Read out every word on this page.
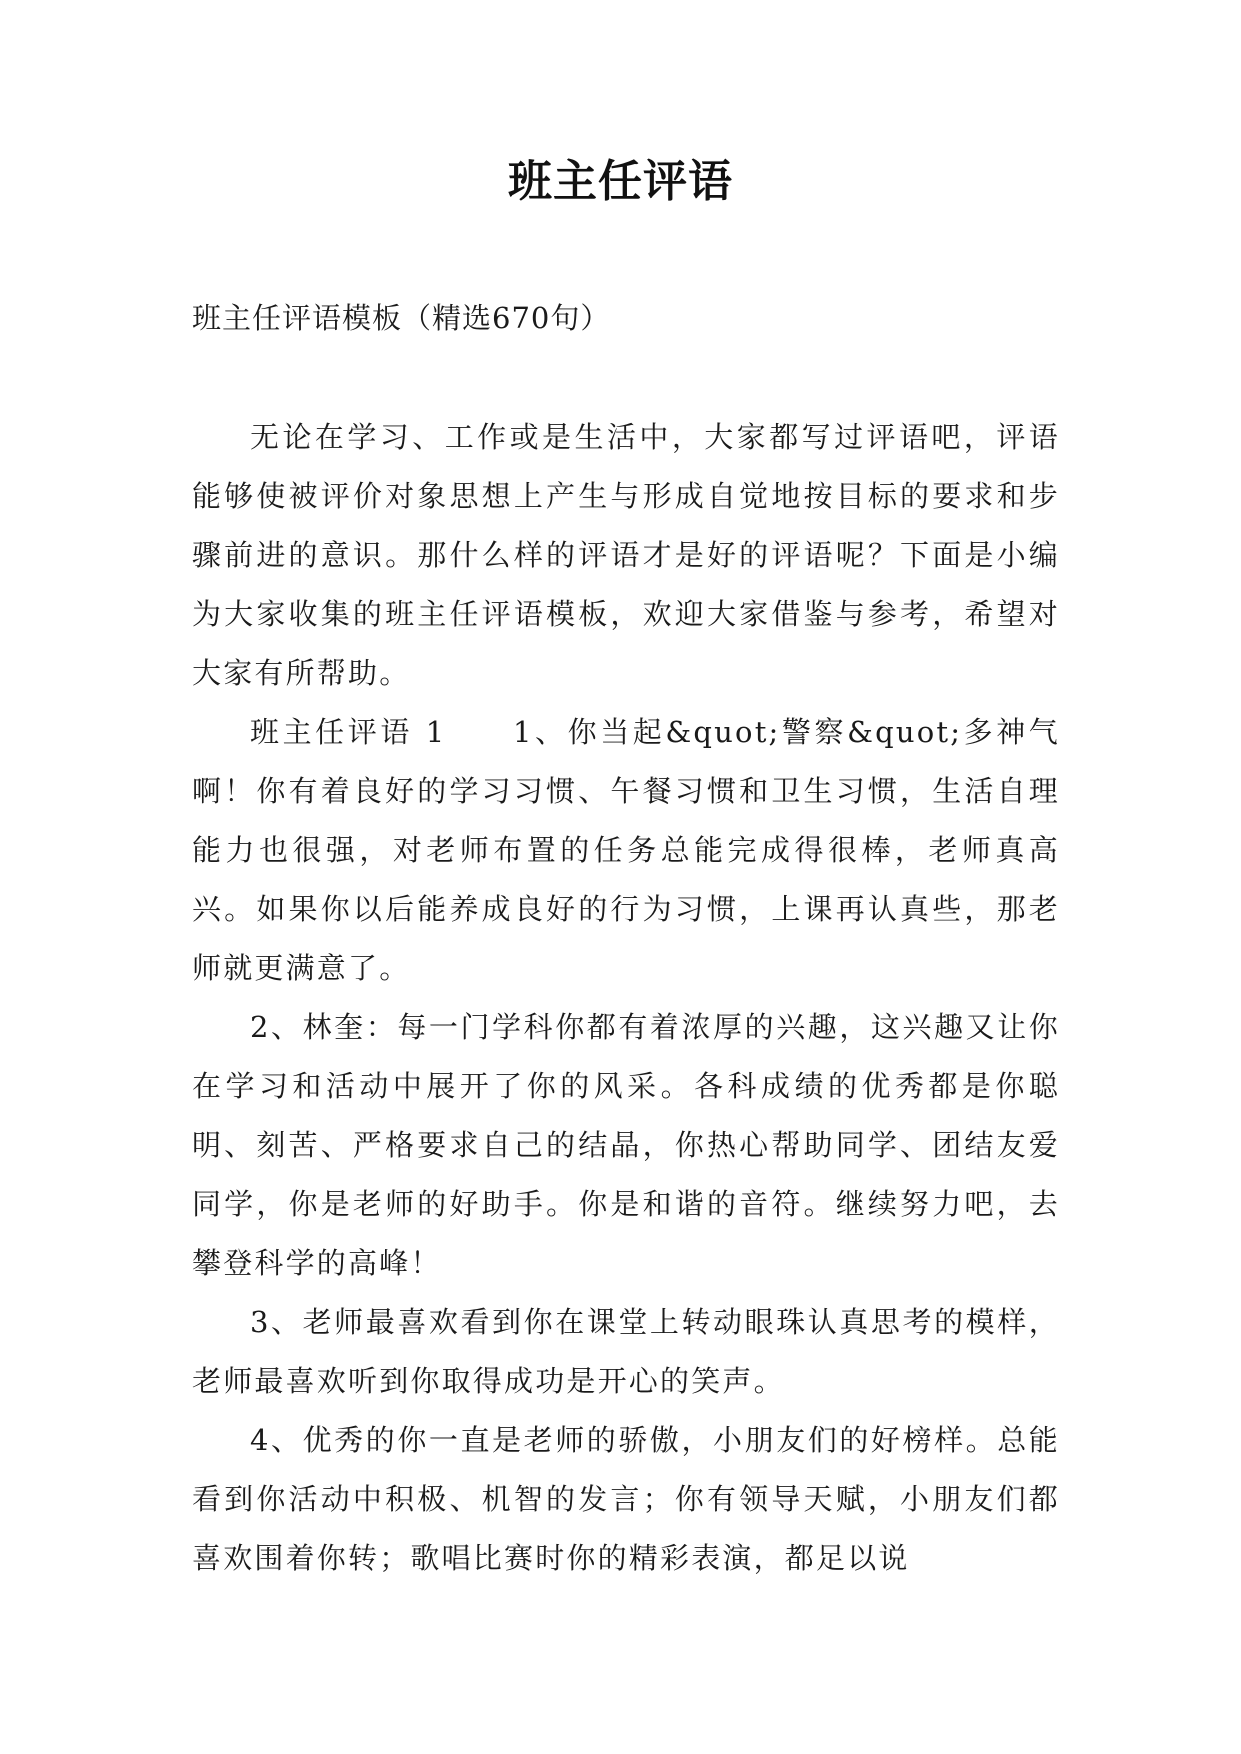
班主任评语

班主任评语模板（精选670句）

无论在学习、工作或是生活中，大家都写过评语吧，评语能够使被评价对象思想上产生与形成自觉地按目标的要求和步骤前进的意识。那什么样的评语才是好的评语呢？下面是小编为大家收集的班主任评语模板，欢迎大家借鉴与参考，希望对大家有所帮助。

班主任评语 1　　1、你当起&quot;警察&quot;多神气啊！你有着良好的学习习惯、午餐习惯和卫生习惯，生活自理能力也很强，对老师布置的任务总能完成得很棒，老师真高兴。如果你以后能养成良好的行为习惯，上课再认真些，那老师就更满意了。

2、林奎：每一门学科你都有着浓厚的兴趣，这兴趣又让你在学习和活动中展开了你的风采。各科成绩的优秀都是你聪明、刻苦、严格要求自己的结晶，你热心帮助同学、团结友爱同学，你是老师的好助手。你是和谐的音符。继续努力吧，去攀登科学的高峰！

3、老师最喜欢看到你在课堂上转动眼珠认真思考的模样，老师最喜欢听到你取得成功是开心的笑声。

4、优秀的你一直是老师的骄傲，小朋友们的好榜样。总能看到你活动中积极、机智的发言；你有领导天赋，小朋友们都喜欢围着你转；歌唱比赛时你的精彩表演，都足以说
